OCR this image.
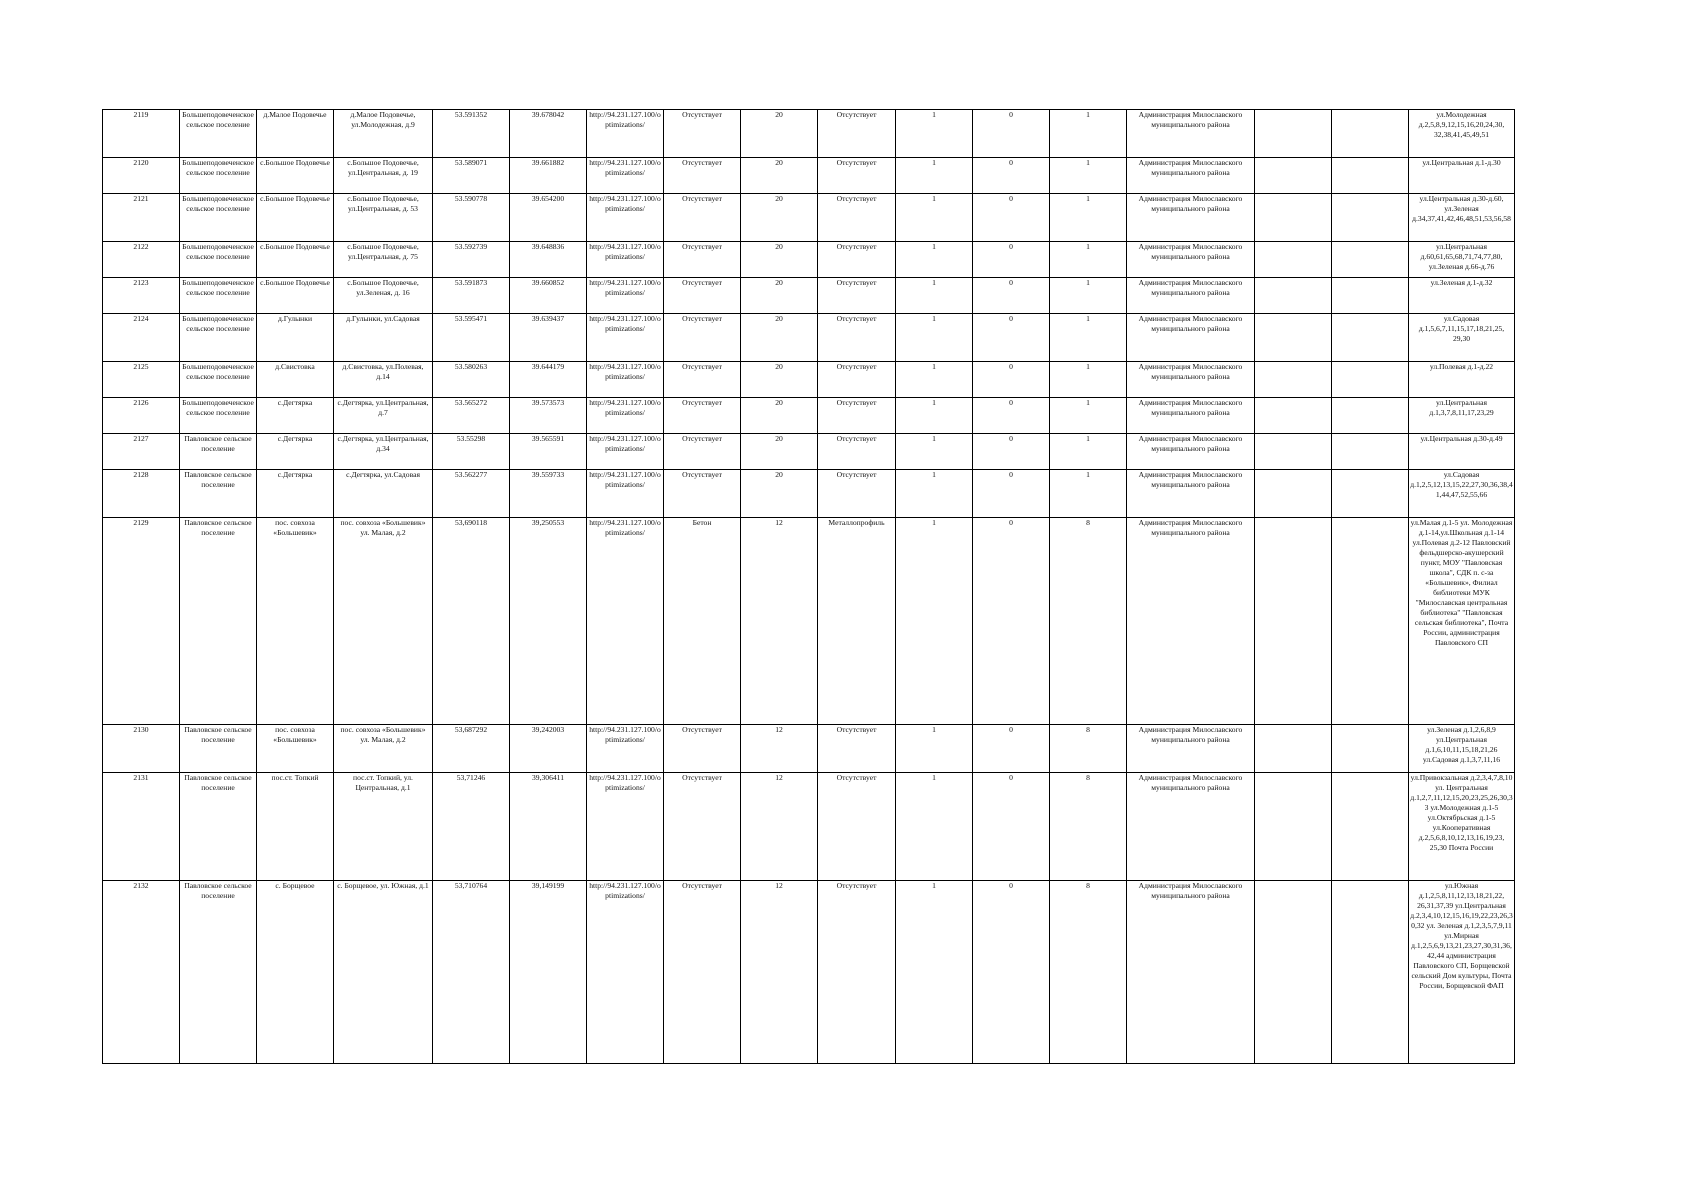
2119	Большеподовеченское сельское поселение	д.Малое Подовечье	д.Малое Подовечье, ул.Молодежная, д.9	53.591352	39.678042	http://94.231.127.100/optimizations/	Отсутствует	20	Отсутствует	1	0	1	Администрация Милославского муниципального района			ул.Молодежная д.2,5,8,9,12,15,16,20,24,30, 32,38,41,45,49,51
2120	Большеподовеченское сельское поселение	с.Большое Подовечье	с.Большое Подовечье, ул.Центральная, д. 19	53.589071	39.661882	http://94.231.127.100/optimizations/	Отсутствует	20	Отсутствует	1	0	1	Администрация Милославского муниципального района			ул.Центральная д.1-д.30
2121	Большеподовеченское сельское поселение	с.Большое Подовечье	с.Большое Подовечье, ул.Центральная, д. 53	53.590778	39.654200	http://94.231.127.100/optimizations/	Отсутствует	20	Отсутствует	1	0	1	Администрация Милославского муниципального района			ул.Центральная д.30-д.60, ул.Зеленая д.34,37,41,42,46,48,51,53,56,58
2122	Большеподовеченское сельское поселение	с.Большое Подовечье	с.Большое Подовечье, ул.Центральная, д. 75	53.592739	39.648836	http://94.231.127.100/optimizations/	Отсутствует	20	Отсутствует	1	0	1	Администрация Милославского муниципального района			ул.Центральная д.60,61,65,68,71,74,77,80, ул.Зеленая д.66-д.76
2123	Большеподовеченское сельское поселение	с.Большое Подовечье	с.Большое Подовечье, ул.Зеленая, д. 16	53.591873	39.660852	http://94.231.127.100/optimizations/	Отсутствует	20	Отсутствует	1	0	1	Администрация Милославского муниципального района			ул.Зеленая д.1-д.32
2124	Большеподовеченское сельское поселение	д.Гулынки	д.Гулынки, ул.Садовая	53.595471	39.639437	http://94.231.127.100/optimizations/	Отсутствует	20	Отсутствует	1	0	1	Администрация Милославского муниципального района			ул.Садовая д.1,5,6,7,11,15,17,18,21,25, 29,30
2125	Большеподовеченское сельское поселение	д.Свистовка	д.Свистовка, ул.Полевая, д.14	53.580263	39.644179	http://94.231.127.100/optimizations/	Отсутствует	20	Отсутствует	1	0	1	Администрация Милославского муниципального района			ул.Полевая д.1-д.22
2126	Большеподовеченское сельское поселение	с.Дегтярка	с.Дегтярка, ул.Центральная, д.7	53.565272	39.573573	http://94.231.127.100/optimizations/	Отсутствует	20	Отсутствует	1	0	1	Администрация Милославского муниципального района			ул.Центральная д.1,3,7,8,11,17,23,29
2127	Павловское сельское поселение	с.Дегтярка	с.Дегтярка, ул.Центральная, д.34	53.55298	39.565591	http://94.231.127.100/optimizations/	Отсутствует	20	Отсутствует	1	0	1	Администрация Милославского муниципального района			ул.Центральная д.30-д.49
2128	Павловское сельское поселение	с.Дегтярка	с.Дегтярка, ул.Садовая	53.562277	39.559733	http://94.231.127.100/optimizations/	Отсутствует	20	Отсутствует	1	0	1	Администрация Милославского муниципального района			ул.Садовая д.1,2,5,12,13,15,22,27,30,36,38,41,44,47,52,55,66
2129	Павловское сельское поселение	пос. совхоза «Большевик»	пос. совхоза «Большевик» ул. Малая, д.2	53,690118	39,250553	http://94.231.127.100/optimizations/	Бетон	12	Металлопрофиль	1	0	8	Администрация Милославского муниципального района			ул.Малая д.1-5 ул. Молодежная д.1-14,ул.Школьная д.1-14 ул.Полевая д.2-12 Павловский фельдшерско-акушерский пункт, МОУ "Павловская школа", СДК п. с-за «Большевик», Филиал библиотеки МУК "Милославская центральная библиотека" "Павловская сельская библиотека", Почта России, администрация Павловского СП
2130	Павловское сельское поселение	пос. совхоза «Большевик»	пос. совхоза «Большевик» ул. Малая, д.2	53,687292	39,242003	http://94.231.127.100/optimizations/	Отсутствует	12	Отсутствует	1	0	8	Администрация Милославского муниципального района			ул.Зеленая д.1,2,6,8,9 ул.Центральная д.1,6,10,11,15,18,21,26 ул.Садовая д.1,3,7,11,16
2131	Павловское сельское поселение	пос.ст. Топкий	пос.ст. Топкий, ул. Центральная, д.1	53,71246	39,306411	http://94.231.127.100/optimizations/	Отсутствует	12	Отсутствует	1	0	8	Администрация Милославского муниципального района			ул.Привокзальная д.2,3,4,7,8,10 ул. Центральная д.1,2,7,11,12,15,20,23,25,26,30,33 ул.Молодежная д.1-5 ул.Октябрьская д.1-5 ул.Кооперативная д.2,5,6,8,10,12,13,16,19,23, 25,30 Почта России
2132	Павловское сельское поселение	с. Борщевое	с. Борщевое, ул. Южная, д.1	53,710764	39,149199	http://94.231.127.100/optimizations/	Отсутствует	12	Отсутствует	1	0	8	Администрация Милославского муниципального района			ул.Южная д.1,2,5,8,11,12,13,18,21,22, 26,31,37,39 ул.Центральная д.2,3,4,10,12,15,16,19,22,23,26,30,32 ул. Зеленая д.1,2,3,5,7,9,11 ул.Мирная д.1,2,5,6,9,13,21,23,27,30,31,36,42,44 администрация Павловского СП, Борщевской сельский Дом культуры, Почта России, Борщевской ФАП
